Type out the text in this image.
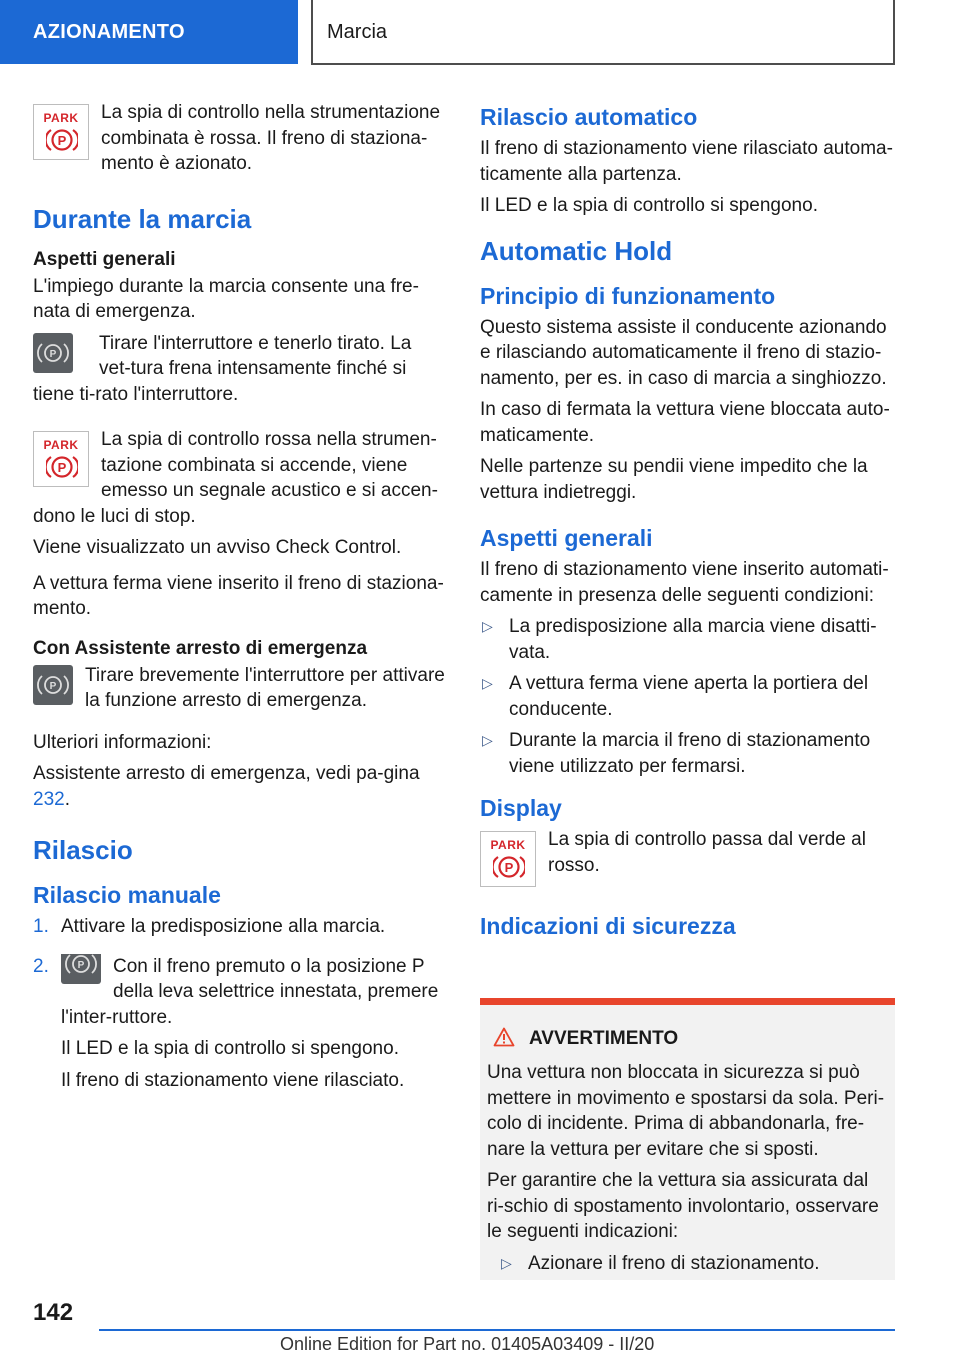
AZIONAMENTO	Marcia
PARK
P

La spia di controllo nella strumentazione combinata è rossa. Il freno di staziona-mento è azionato.

Durante la marcia
Aspetti generali

L'impiego durante la marcia consente una fre-nata di emergenza.

P

Tirare l'interruttore e tenerlo tirato. La vet-tura frena intensamente finché si tiene ti-rato l'interruttore.

PARK
P

La spia di controllo rossa nella strumen-tazione combinata si accende, viene emesso un segnale acustico e si accen-dono le luci di stop.

Viene visualizzato un avviso Check Control.

A vettura ferma viene inserito il freno di staziona-mento.

Con Assistente arresto di emergenza
P

Tirare brevemente l'interruttore per attivare la funzione arresto di emergenza.

Ulteriori informazioni:

Assistente arresto di emergenza, vedi pa-gina 232.

Rilascio
Rilascio manuale
1. Attivare la predisposizione alla marcia.
2.	P Con il freno premuto o la posizione P della leva selettrice innestata, premere l'inter-ruttore.

Il LED e la spia di controllo si spengono.

Il freno di stazionamento viene rilasciato.

Rilascio automatico

Il freno di stazionamento viene rilasciato automa-ticamente alla partenza.

Il LED e la spia di controllo si spengono.

Automatic Hold
Principio di funzionamento

Questo sistema assiste il conducente azionando e rilasciando automaticamente il freno di stazio-namento, per es. in caso di marcia a singhiozzo.

In caso di fermata la vettura viene bloccata auto-maticamente.

Nelle partenze su pendii viene impedito che la vettura indietreggi.

Aspetti generali

Il freno di stazionamento viene inserito automati-camente in presenza delle seguenti condizioni:

▷ La predisposizione alla marcia viene disatti-vata.
▷ A vettura ferma viene aperta la portiera del conducente.
▷ Durante la marcia il freno di stazionamento viene utilizzato per fermarsi.
Display
PARK
P

La spia di controllo passa dal verde al rosso.

Indicazioni di sicurezza
AVVERTIMENTO

Una vettura non bloccata in sicurezza si può mettere in movimento e spostarsi da sola. Peri-colo di incidente. Prima di abbandonarla, fre-nare la vettura per evitare che si sposti.

Per garantire che la vettura sia assicurata dal ri-schio di spostamento involontario, osservare le seguenti indicazioni:

▷ Azionare il freno di stazionamento.
142
Online Edition for Part no. 01405A03409 - II/20
